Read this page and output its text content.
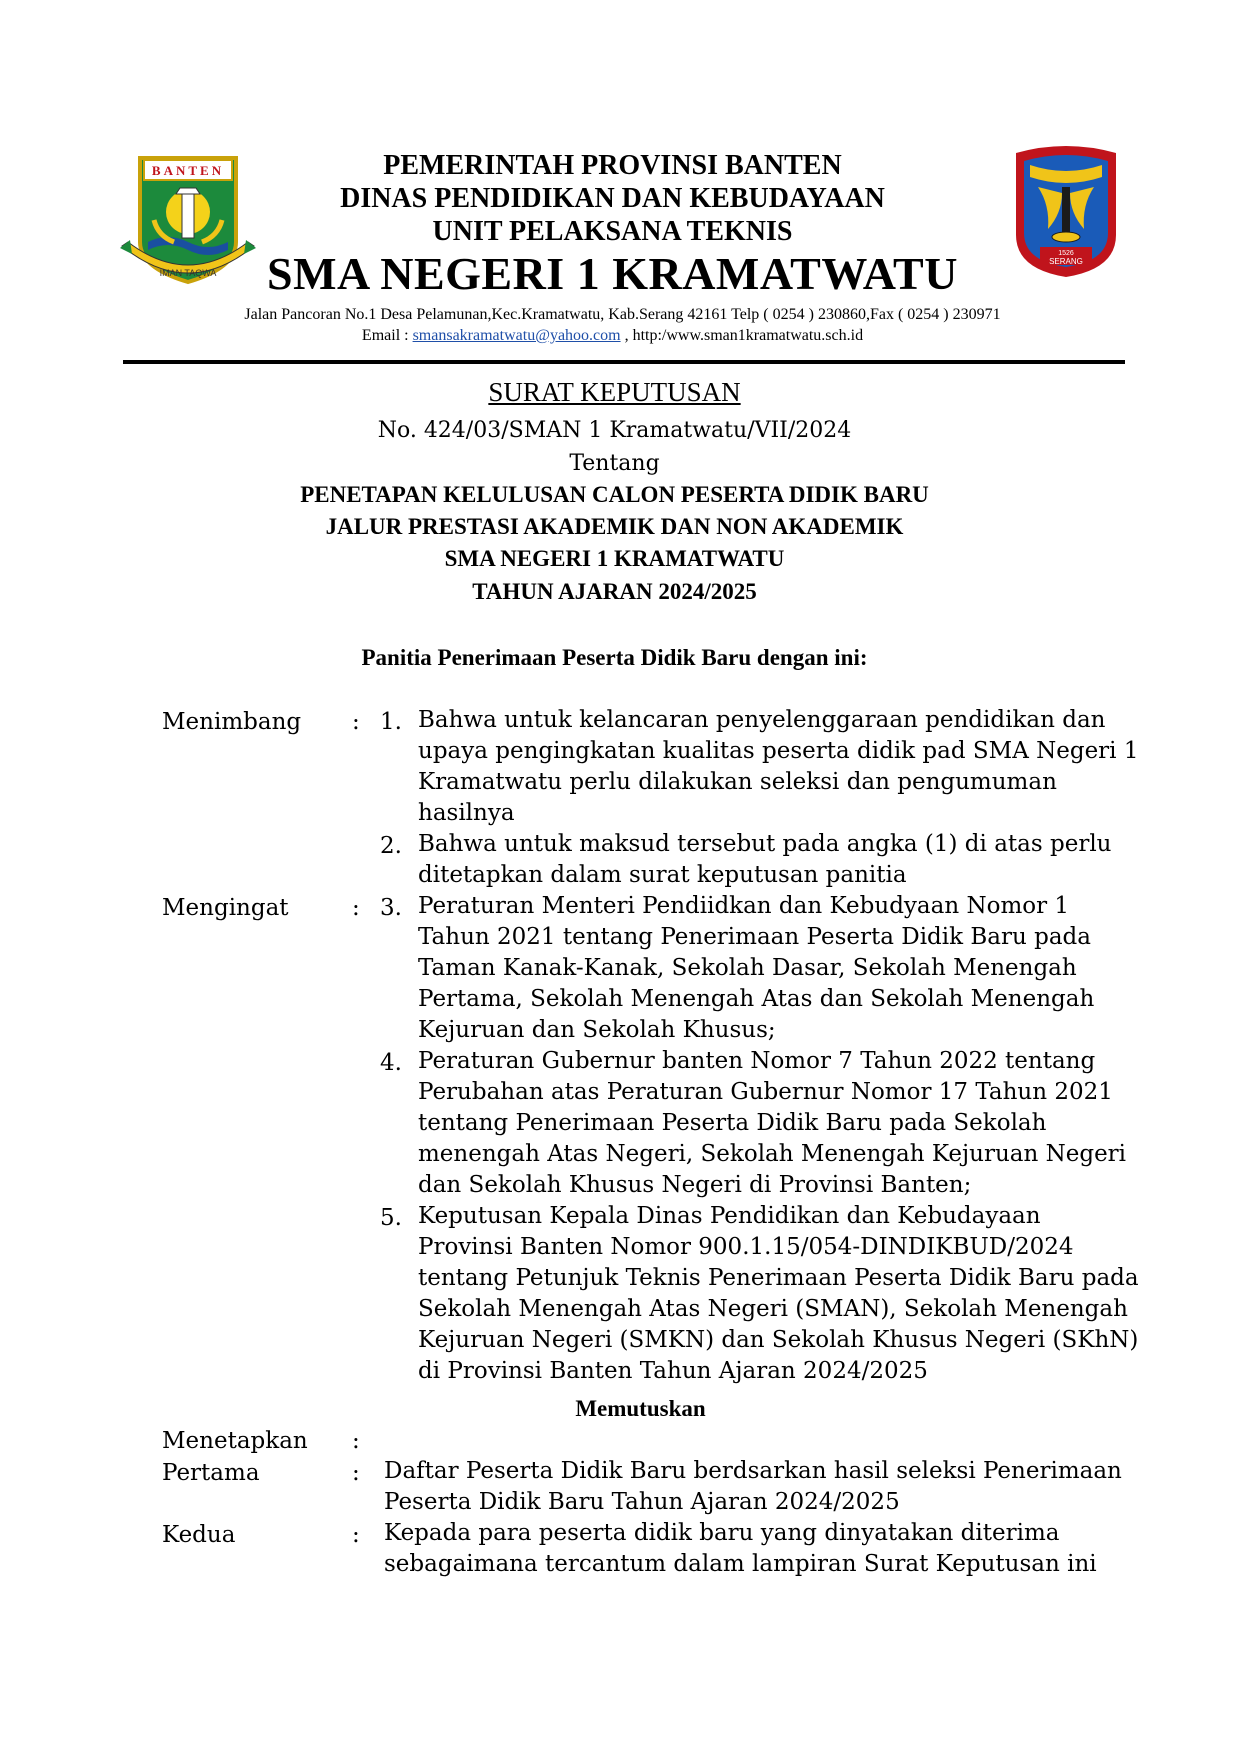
BANTEN
IMAN TAQWA
1526
SERANG
PEMERINTAH PROVINSI BANTEN
DINAS PENDIDIKAN DAN KEBUDAYAAN
UNIT PELAKSANA TEKNIS
SMA NEGERI 1 KRAMATWATU
Jalan Pancoran No.1 Desa Pelamunan,Kec.Kramatwatu, Kab.Serang 42161 Telp ( 0254 ) 230860,Fax ( 0254 ) 230971
Email : smansakramatwatu@yahoo.com , http:/www.sman1kramatwatu.sch.id
SURAT KEPUTUSAN
No. 424/03/SMAN 1 Kramatwatu/VII/2024
Tentang
PENETAPAN KELULUSAN CALON PESERTA DIDIK BARU
JALUR PRESTASI AKADEMIK DAN NON AKADEMIK
SMA NEGERI 1 KRAMATWATU
TAHUN AJARAN 2024/2025
Panitia Penerimaan Peserta Didik Baru dengan ini:
Menimbang : 1. Bahwa untuk kelancaran penyelenggaraan pendidikan dan
upaya pengingkatan kualitas peserta didik pad SMA Negeri 1
Kramatwatu perlu dilakukan seleksi dan pengumuman
hasilnya
2. Bahwa untuk maksud tersebut pada angka (1) di atas perlu
ditetapkan dalam surat keputusan panitia
Mengingat	: 3. Peraturan Menteri Pendiidkan dan Kebudyaan Nomor 1
Tahun 2021 tentang Penerimaan Peserta Didik Baru pada
Taman Kanak-Kanak, Sekolah Dasar, Sekolah Menengah
Pertama, Sekolah Menengah Atas dan Sekolah Menengah
Kejuruan dan Sekolah Khusus;
4. Peraturan Gubernur banten Nomor 7 Tahun 2022 tentang
Perubahan atas Peraturan Gubernur Nomor 17 Tahun 2021
tentang Penerimaan Peserta Didik Baru pada Sekolah
menengah Atas Negeri, Sekolah Menengah Kejuruan Negeri
dan Sekolah Khusus Negeri di Provinsi Banten;
5. Keputusan Kepala Dinas Pendidikan dan Kebudayaan
Provinsi Banten Nomor 900.1.15/054-DINDIKBUD/2024
tentang Petunjuk Teknis Penerimaan Peserta Didik Baru pada
Sekolah Menengah Atas Negeri (SMAN), Sekolah Menengah
Kejuruan Negeri (SMKN) dan Sekolah Khusus Negeri (SKhN)
di Provinsi Banten Tahun Ajaran 2024/2025
Memutuskan
Menetapkan :
Pertama	: Daftar Peserta Didik Baru berdsarkan hasil seleksi Penerimaan
Peserta Didik Baru Tahun Ajaran 2024/2025
Kedua	: Kepada para peserta didik baru yang dinyatakan diterima
sebagaimana tercantum dalam lampiran Surat Keputusan ini
